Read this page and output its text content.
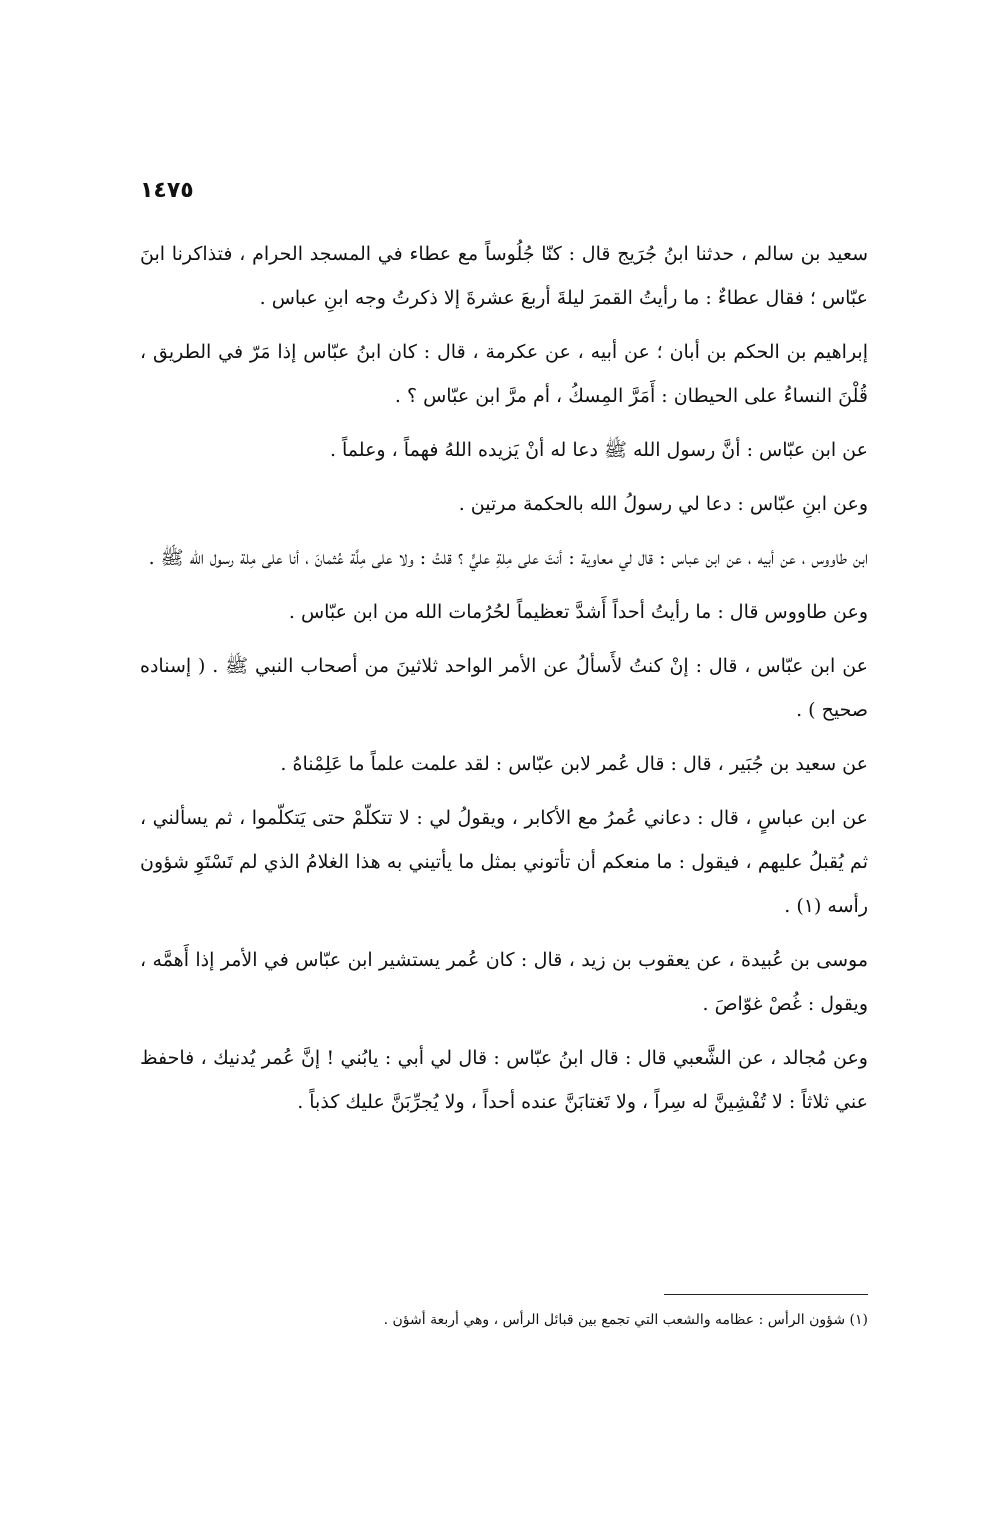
١٤٧٥

سعيد بن سالم ، حدثنا ابنُ جُرَيج قال : كنّا جُلُوساً مع عطاء في المسجد الحرام ، فتذاكرنا ابنَ عبّاس ؛ فقال عطاءٌ : ما رأيتُ القمرَ ليلةَ أربعَ عشرةَ إلا ذكرتُ وجه ابنِ عباس .

إبراهيم بن الحكم بن أبان ؛ عن أبيه ، عن عكرمة ، قال : كان ابنُ عبّاس إذا مَرّ في الطريق ، قُلْنَ النساءُ على الحيطان : أَمَرَّ المِسكُ ، أم مرَّ ابن عبّاس ؟ .

عن ابن عبّاس : أنَّ رسول الله ﷺ دعا له أنْ يَزيده اللهُ فهماً ، وعلماً .

وعن ابنِ عبّاس : دعا لي رسولُ الله بالحكمة مرتين .

ابن طاووس ، عن أبيه ، عن ابن عباس : قال لي معاوية : أنتَ على مِلةِ عليٍّ ؟ قلتُ : ولا على مِلَّة عُثمانَ ، أنا على مِلة رسول الله ﷺ .

وعن طاووس قال : ما رأيتُ أحداً أَشدَّ تعظيماً لحُرُمات الله من ابن عبّاس .

عن ابن عبّاس ، قال : إنْ كنتُ لأَسألُ عن الأمر الواحد ثلاثينَ من أصحاب النبي ﷺ . ( إسناده صحيح ) .

عن سعيد بن جُبَير ، قال : قال عُمر لابن عبّاس : لقد علمت علماً ما عَلِمْناهُ .

عن ابن عباسٍ ، قال : دعاني عُمرُ مع الأكابر ، ويقولُ لي : لا تتكلّمْ حتى يَتكلّموا ، ثم يسألني ، ثم يُقبلُ عليهم ، فيقول : ما منعكم أن تأتوني بمثل ما يأتيني به هذا الغلامُ الذي لم تَسْتَوِ شؤون رأسه (١) .

موسى بن عُبيدة ، عن يعقوب بن زيد ، قال : كان عُمر يستشير ابن عبّاس في الأمر إذا أَهمَّه ، ويقول : غُصْ غوّاصَ .

وعن مُجالد ، عن الشَّعبي قال : قال ابنُ عبّاس : قال لي أبي : يابُني ! إنَّ عُمر يُدنيك ، فاحفظ عني ثلاثاً : لا تُفْشِينَّ له سِراً ، ولا تَغتابَنَّ عنده أحداً ، ولا يُجرِّبَنَّ عليك كذباً .

(١) شؤون الرأس : عظامه والشعب التي تجمع بين قبائل الرأس ، وهي أربعة أشؤن .
